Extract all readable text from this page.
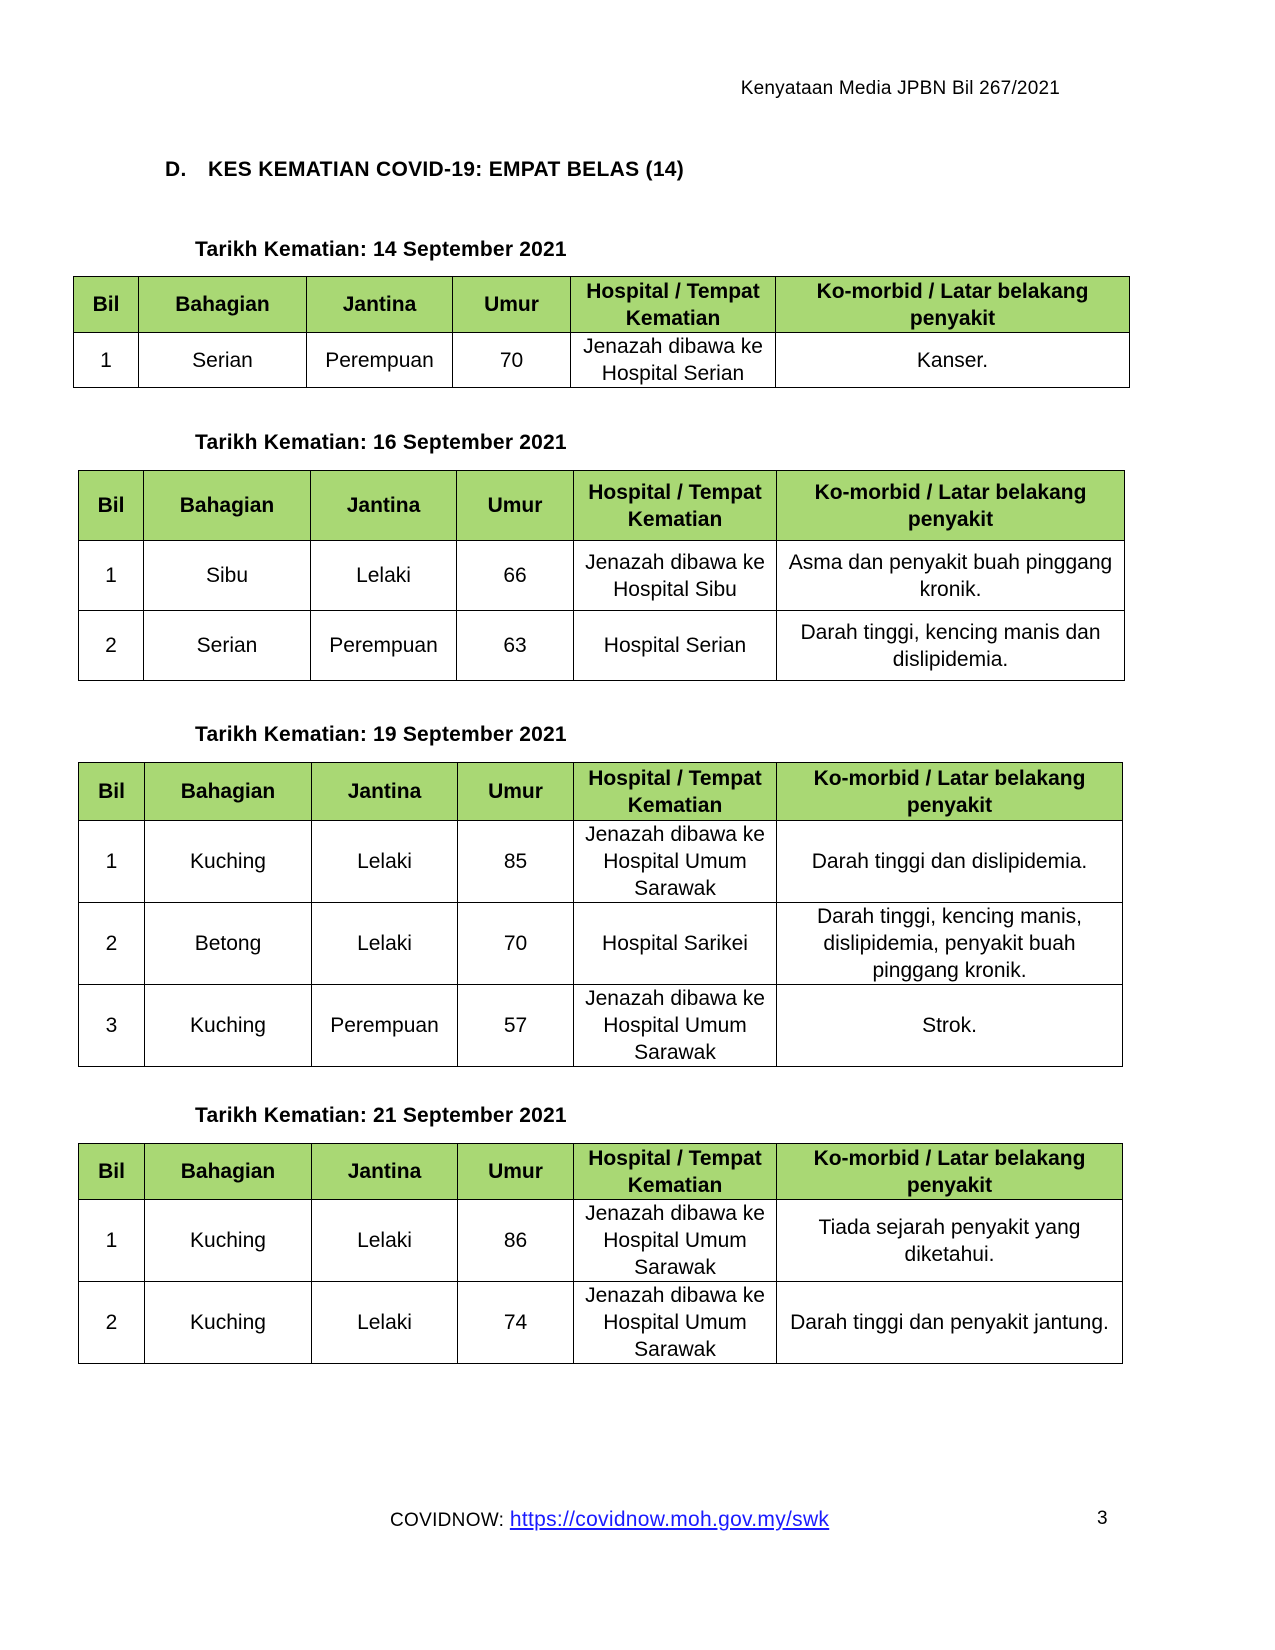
Kenyataan Media JPBN Bil 267/2021
D. KES KEMATIAN COVID-19: EMPAT BELAS (14)
Tarikh Kematian: 14 September 2021
Bil	Bahagian	Jantina	Umur	Hospital / Tempat Kematian	Ko-morbid / Latar belakang penyakit
1	Serian	Perempuan	70	Jenazah dibawa ke Hospital Serian	Kanser.
Tarikh Kematian: 16 September 2021
Bil	Bahagian	Jantina	Umur	Hospital / Tempat Kematian	Ko-morbid / Latar belakang penyakit
1	Sibu	Lelaki	66	Jenazah dibawa ke Hospital Sibu	Asma dan penyakit buah pinggang kronik.
2	Serian	Perempuan	63	Hospital Serian	Darah tinggi, kencing manis dan dislipidemia.
Tarikh Kematian: 19 September 2021
Bil	Bahagian	Jantina	Umur	Hospital / Tempat Kematian	Ko-morbid / Latar belakang penyakit
1	Kuching	Lelaki	85	Jenazah dibawa ke Hospital Umum Sarawak	Darah tinggi dan dislipidemia.
2	Betong	Lelaki	70	Hospital Sarikei	Darah tinggi, kencing manis, dislipidemia, penyakit buah pinggang kronik.
3	Kuching	Perempuan	57	Jenazah dibawa ke Hospital Umum Sarawak	Strok.
Tarikh Kematian: 21 September 2021
Bil	Bahagian	Jantina	Umur	Hospital / Tempat Kematian	Ko-morbid / Latar belakang penyakit
1	Kuching	Lelaki	86	Jenazah dibawa ke Hospital Umum Sarawak	Tiada sejarah penyakit yang diketahui.
2	Kuching	Lelaki	74	Jenazah dibawa ke Hospital Umum Sarawak	Darah tinggi dan penyakit jantung.
COVIDNOW: https://covidnow.moh.gov.my/swk	3
